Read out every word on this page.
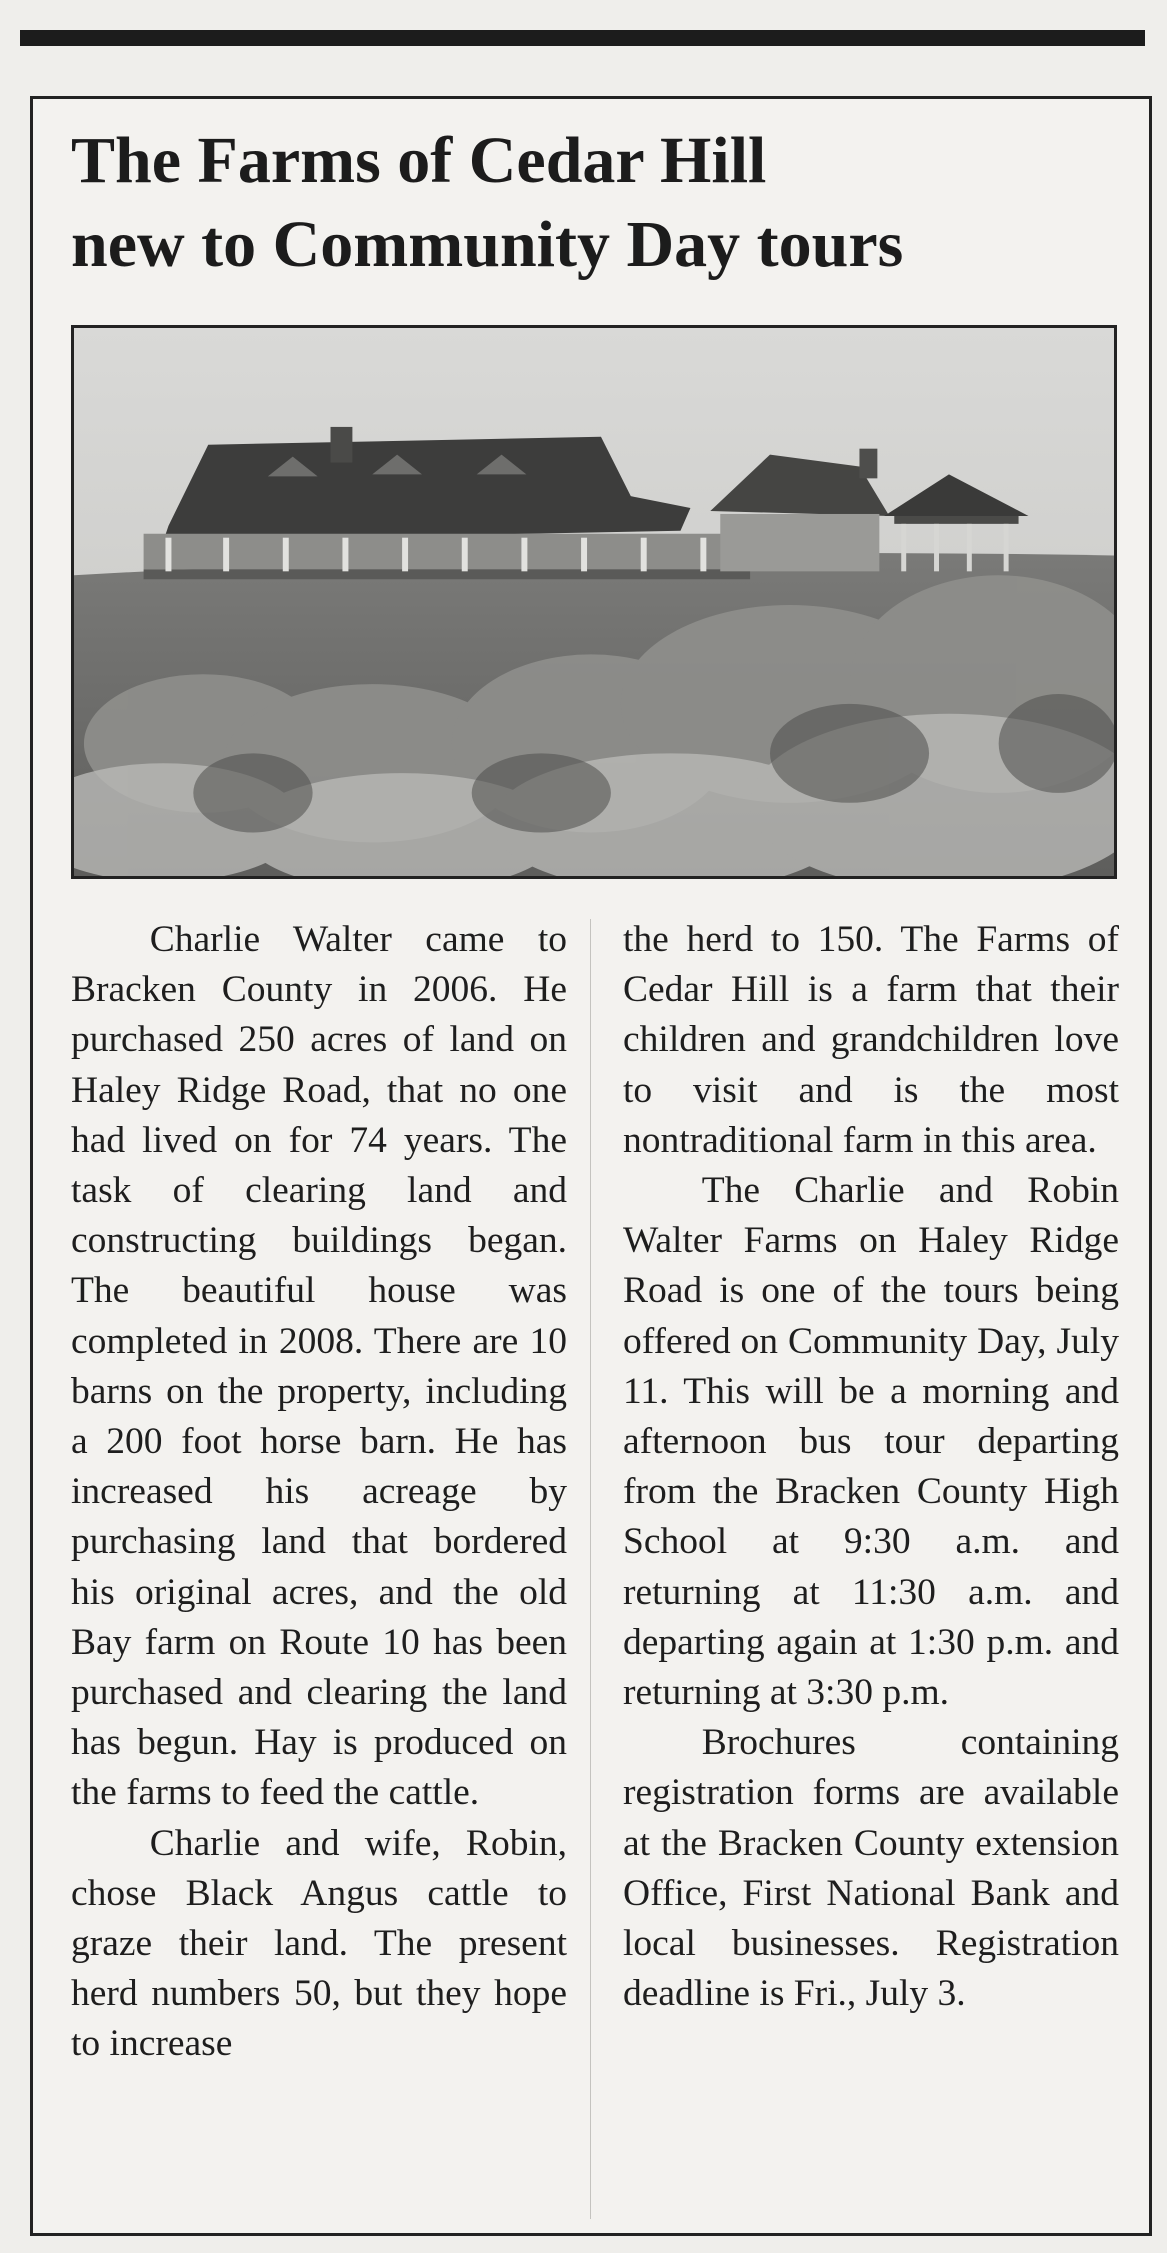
The Farms of Cedar Hill
new to Community Day tours

Charlie Walter came to Bracken County in 2006. He purchased 250 acres of land on Haley Ridge Road, that no one had lived on for 74 years. The task of clearing land and constructing buildings began. The beautiful house was completed in 2008. There are 10 barns on the property, including a 200 foot horse barn. He has increased his acreage by purchasing land that bordered his original acres, and the old Bay farm on Route 10 has been purchased and clearing the land has begun. Hay is produced on the farms to feed the cattle.

Charlie and wife, Robin, chose Black Angus cattle to graze their land. The present herd numbers 50, but they hope to increase

the herd to 150. The Farms of Cedar Hill is a farm that their children and grandchildren love to visit and is the most nontraditional farm in this area.

The Charlie and Robin Walter Farms on Haley Ridge Road is one of the tours being offered on Community Day, July 11. This will be a morning and afternoon bus tour departing from the Bracken County High School at 9:30 a.m. and returning at 11:30 a.m. and departing again at 1:30 p.m. and returning at 3:30 p.m.

Brochures containing registration forms are available at the Bracken County extension Office, First National Bank and local businesses. Registration deadline is Fri., July 3.
